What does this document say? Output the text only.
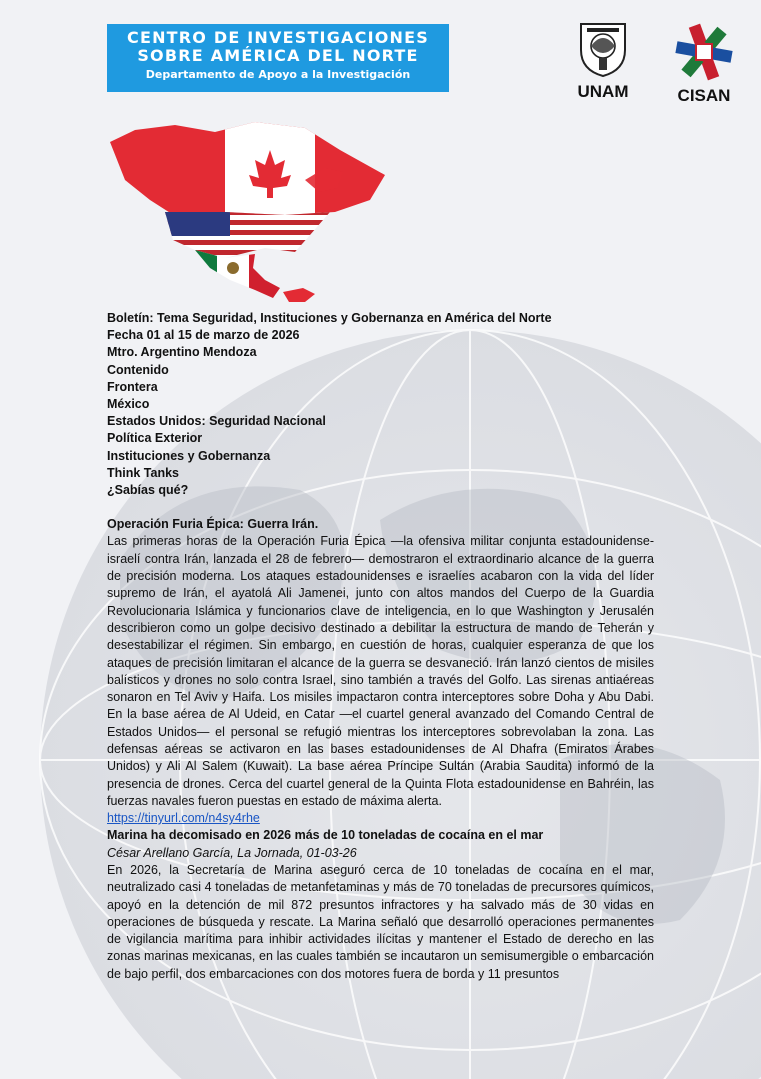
CENTRO DE INVESTIGACIONES
SOBRE AMÉRICA DEL NORTE
Departamento de Apoyo a la Investigación
UNAM	CISAN

Boletín: Tema Seguridad, Instituciones y Gobernanza en América del Norte

Fecha 01 al 15 de marzo de 2026

Mtro. Argentino Mendoza

Contenido

Frontera

México

Estados Unidos: Seguridad Nacional

Política Exterior

Instituciones y Gobernanza

Think Tanks

¿Sabías qué?

Operación Furia Épica: Guerra Irán.

Las primeras horas de la Operación Furia Épica —la ofensiva militar conjunta estadounidense-israelí contra Irán, lanzada el 28 de febrero— demostraron el extraordinario alcance de la guerra de precisión moderna. Los ataques estadounidenses e israelíes acabaron con la vida del líder supremo de Irán, el ayatolá Ali Jamenei, junto con altos mandos del Cuerpo de la Guardia Revolucionaria Islámica y funcionarios clave de inteligencia, en lo que Washington y Jerusalén describieron como un golpe decisivo destinado a debilitar la estructura de mando de Teherán y desestabilizar el régimen. Sin embargo, en cuestión de horas, cualquier esperanza de que los ataques de precisión limitaran el alcance de la guerra se desvaneció. Irán lanzó cientos de misiles balísticos y drones no solo contra Israel, sino también a través del Golfo. Las sirenas antiaéreas sonaron en Tel Aviv y Haifa. Los misiles impactaron contra interceptores sobre Doha y Abu Dabi. En la base aérea de Al Udeid, en Catar —el cuartel general avanzado del Comando Central de Estados Unidos— el personal se refugió mientras los interceptores sobrevolaban la zona. Las defensas aéreas se activaron en las bases estadounidenses de Al Dhafra (Emiratos Árabes Unidos) y Ali Al Salem (Kuwait). La base aérea Príncipe Sultán (Arabia Saudita) informó de la presencia de drones. Cerca del cuartel general de la Quinta Flota estadounidense en Bahréin, las fuerzas navales fueron puestas en estado de máxima alerta.

https://tinyurl.com/n4sy4rhe

Marina ha decomisado en 2026 más de 10 toneladas de cocaína en el mar

César Arellano García, La Jornada, 01-03-26

En 2026, la Secretaría de Marina aseguró cerca de 10 toneladas de cocaína en el mar, neutralizado casi 4 toneladas de metanfetaminas y más de 70 toneladas de precursores químicos, apoyó en la detención de mil 872 presuntos infractores y ha salvado más de 30 vidas en operaciones de búsqueda y rescate. La Marina señaló que desarrolló operaciones permanentes de vigilancia marítima para inhibir actividades ilícitas y mantener el Estado de derecho en las zonas marinas mexicanas, en las cuales también se incautaron un semisumergible o embarcación de bajo perfil, dos embarcaciones con dos motores fuera de borda y 11 presuntos
